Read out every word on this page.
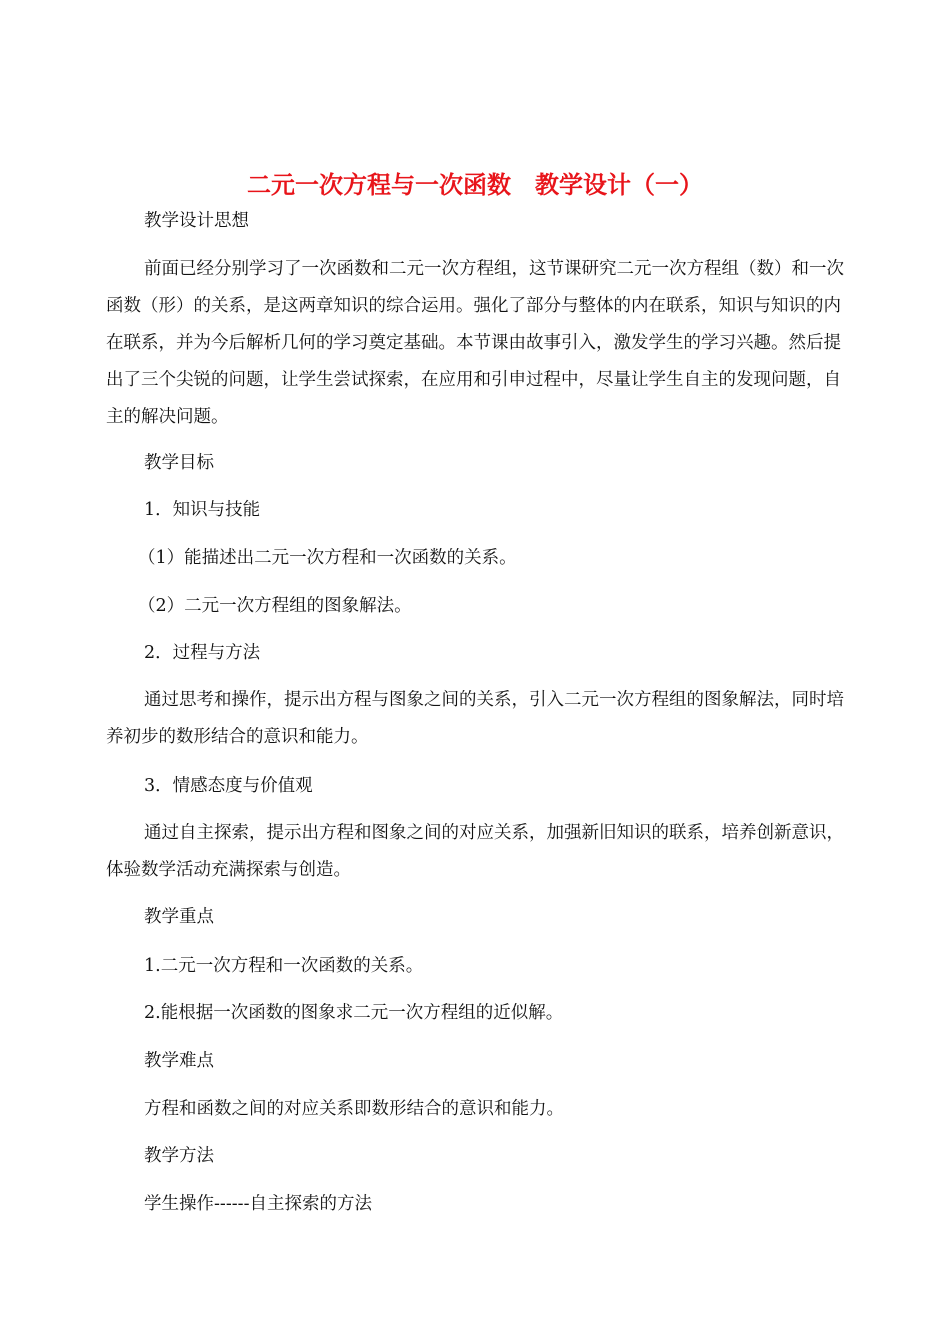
二元一次方程与一次函数　教学设计（一）
教学设计思想

前面已经分别学习了一次函数和二元一次方程组，这节课研究二元一次方程组（数）和一次函数（形）的关系，是这两章知识的综合运用。强化了部分与整体的内在联系，知识与知识的内在联系，并为今后解析几何的学习奠定基础。本节课由故事引入，激发学生的学习兴趣。然后提出了三个尖锐的问题，让学生尝试探索，在应用和引申过程中，尽量让学生自主的发现问题，自主的解决问题。

教学目标
1．知识与技能
（1）能描述出二元一次方程和一次函数的关系。
（2）二元一次方程组的图象解法。
2．过程与方法

通过思考和操作，提示出方程与图象之间的关系，引入二元一次方程组的图象解法，同时培养初步的数形结合的意识和能力。

3．情感态度与价值观

通过自主探索，提示出方程和图象之间的对应关系，加强新旧知识的联系，培养创新意识，体验数学活动充满探索与创造。

教学重点
1.二元一次方程和一次函数的关系。
2.能根据一次函数的图象求二元一次方程组的近似解。
教学难点
方程和函数之间的对应关系即数形结合的意识和能力。
教学方法
学生操作------自主探索的方法
